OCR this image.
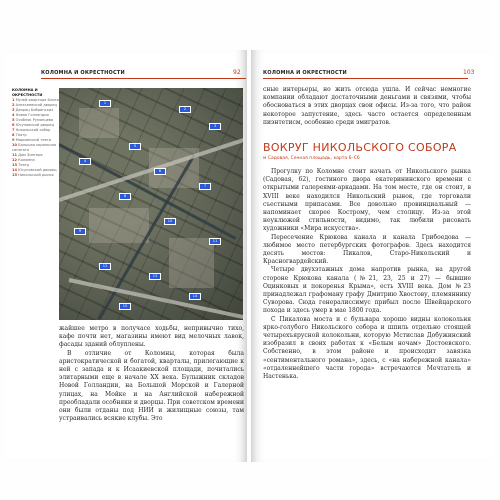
КОЛОМНА И ОКРЕСТНОСТИ	92
КОЛОМНА И ОКРЕСТНОСТИ
1 Музей-квартира Блока
2 Алексеевский дворец
3 Дворец Бобринских
4 Новая Голландия
5 Особняк Румянцева
6 Юсуповский дворец
7 Никольский собор
8 Театр
9 Мариинский театр
10 Большая хоральная синагога
11 Дом Зингера
12 Коломна
13 Театр
14 Юсуповский дворец
15 Никольский рынок
1
2
3
4
5
6
7
8
9
10
11
12
13
14
15

жайшее метро в получасе ходьбы, непривычно тихо, кафе почти нет, магазины имеют вид мелочных лавок, фасады зданий облуплены.

В отличие от Коломны, которая была аристократической и богатой, кварталы, прилегающие к ней с запада и к Исаакиевской площади, почитались элитарными еще в начале XX века. Булыжник складов Новой Голландии, на Большой Морской и Галерной улицах, на Мойке и на Английской набережной преобладали особняки и дворцы. При советском времени они были отданы под НИИ и жилищные союзы, там устраивались всякие клубы. Это

КОЛОМНА И ОКРЕСТНОСТИ	103

сные интерьеры, но жить отсюда ушла. И сейчас немногие компании обладают достаточными деньгами и связями, чтобы обосноваться в этих дворцах свои офисы. Из-за того, что район некоторое запустение, здесь часто остается определенным пиэнтетисм, особенно среди эмигратов.

ВОКРУГ НИКОЛЬСКОГО СОБОРА
м Садовая, Сенная площадь, карта 6–C6

Прогулку по Коломне стоит начать от Никольского рынка (Садовая, 62), гостиного двора екатерининского времени с открытыми галереями-аркадами. На том месте, где он стоит, в XVIII веке находился Никольский рынок, где торговали съестными припасами. Все довольно провинциальный — напоминает скорее Кострому, чем столицу. Из-за этой неуклюжей стильности, видимо, так любили рисовать художники «Мира искусства».

Пересечение Крюкова канала и канала Грибоедова — любимое место петербургских фотографов. Здесь находится десять мостов: Пикалов, Старо-Никольский и Красногвардейский.

Четыре двухэтажных дома напротив рынка, на другой стороне Крюкова канала (№21, 23, 25 и 27) — бывшие Оцинковых и покоренья Крыма», есть XVIII века. Дом №23 принадлежал графоману графу Дмитрию Хвостову, племяннику Суворова. Сюда генералиссимус прибыл после Швейцарского похода и здесь умер в мае 1800 года.

С Пикалова моста и с бульвара хорошо видны колокольня ярко-голубого Никольского собора и шпиль отдельно стоящей четырехъярусной колокольни, которую Мстислав Добужинский изобразил в своих работах к «Белым ночам» Достоевского. Собственно, в этом районе и происходит завязка «сентиментального романа», здесь, с «на набережной канала» «отдаленнейшего части города» встречаются Мечтатель и Настенька.
